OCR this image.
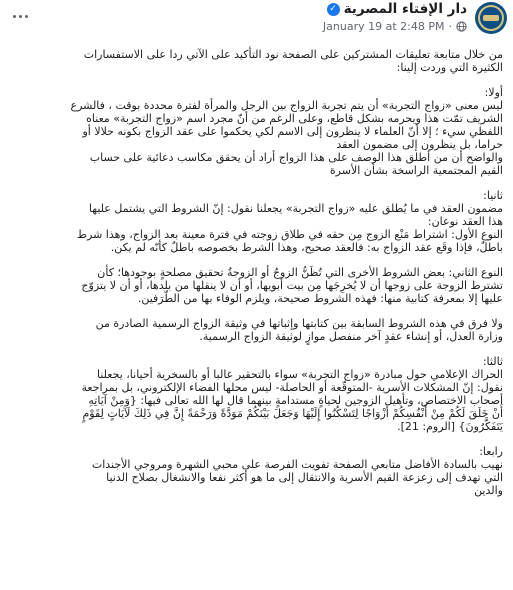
دار الإفتاء المصرية
✓
January 19 at 2:48 PM ·

من خلال متابعة تعليقات المشتركين على الصفحة نود التأكيد على الآتي ردا على الاستفسارات
الكثيرة التي وردت إلينا:

أولا:
ليس معنى «زواج التجربة» أن يتم تجربة الزواج بين الرجل والمرأة لفترة محددة بوقت ، فالشرع
الشريف تمّت هذا ويحرمه بشكل قاطع، وعلى الرغم من أنّ مجرد اسم «زواج التجربة» معناه
اللفظي سيء ؛ إلا أنّ العلماء لا ينظرون إلى الاسم لكي يحكموا على عقد الزواج بكونه حلالا أو
حراما، بل ينظرون إلى مضمون العقد
والواضح أن من أطلق هذا الوصف على هذا الزواج أراد أن يحقق مكاسب دعائية على حساب
القيم المجتمعية الراسخة بشأن الأسرة

ثانيا:
مضمون العقد في ما يُطلق عليه «زواج التجربة» يجعلنا نقول: إنّ الشروط التي يشتمل عليها
هذا العقد نوعان:
النوع الأول: اشتراط مَنْع الزوج مِن حقه في طلاق زوجته في فترة معينة بعد الزواج، وهذا شرط
باطلٌ، فإذا وقَع عقد الزواج به: فالعقد صحيح، وهذا الشرط بخصوصه باطلٌ كأنّه لم يكن.

النوع الثاني: بعض الشروط الأخرى التي تُظَنُّ الزوجُ أو الزوجةُ تحقيق مصلحةٍ بوجودها؛ كأن
تشترط الزوجة على زوجها أن لا يُخرِجَها مِن بيت أبويها، أو أن لا ينقلها من بلدها، أو أن لا يتزوّج
عليها إلا بمعرفة كتابية منها: فهذه الشروط صحيحة، ويلزم الوفاء بها من الطّرَفين.

ولا فرق في هذه الشروط السابقة بين كتابتها وإثباتها في وثيقة الزواج الرسمية الصادرة من
وزارة العدل، أو إنشاء عقدٍ آخر منفصل موازٍ لوثيقة الزواج الرسمية.

ثالثا:
الحراك الإعلامي حول مبادرة «زواج التجربة» سواء بالتحقير غالبا أو بالسخرية أحيانا، يجعلنا
نقول: إنّ المشكلات الأسرية -المتوقّعة أو الحاصلة- ليس محلها الفضاء الإلكتروني، بل بمراجعة
أصحاب الاختصاص، وتأهيل الزوجين لحياةٍ مستدامةٍ بينهما قال لها الله تعالى فيها: {وَمِنْ آيَاتِهِ
أَنْ خَلَقَ لَكُمْ مِنْ أَنْفُسِكُمْ أَزْوَاجًا لِتَسْكُنُوا إِلَيْهَا وَجَعَلَ بَيْنَكُمْ مَوَدَّةً وَرَحْمَةً إِنَّ فِي ذَلِكَ لَآيَاتٍ لِقَوْمٍ
يَتَفَكَّرُونَ} [الروم: 21].

رابعا:
نهيب بالسادة الأفاضل متابعي الصفحة تفويت الفرصة على محبي الشهرة ومروجي الأجندات
التي تهدف إلى زعزعة القيم الأسرية والانتقال إلى ما هو أكثر نفعا والانشغال بصلاح الدنيا
والدين
